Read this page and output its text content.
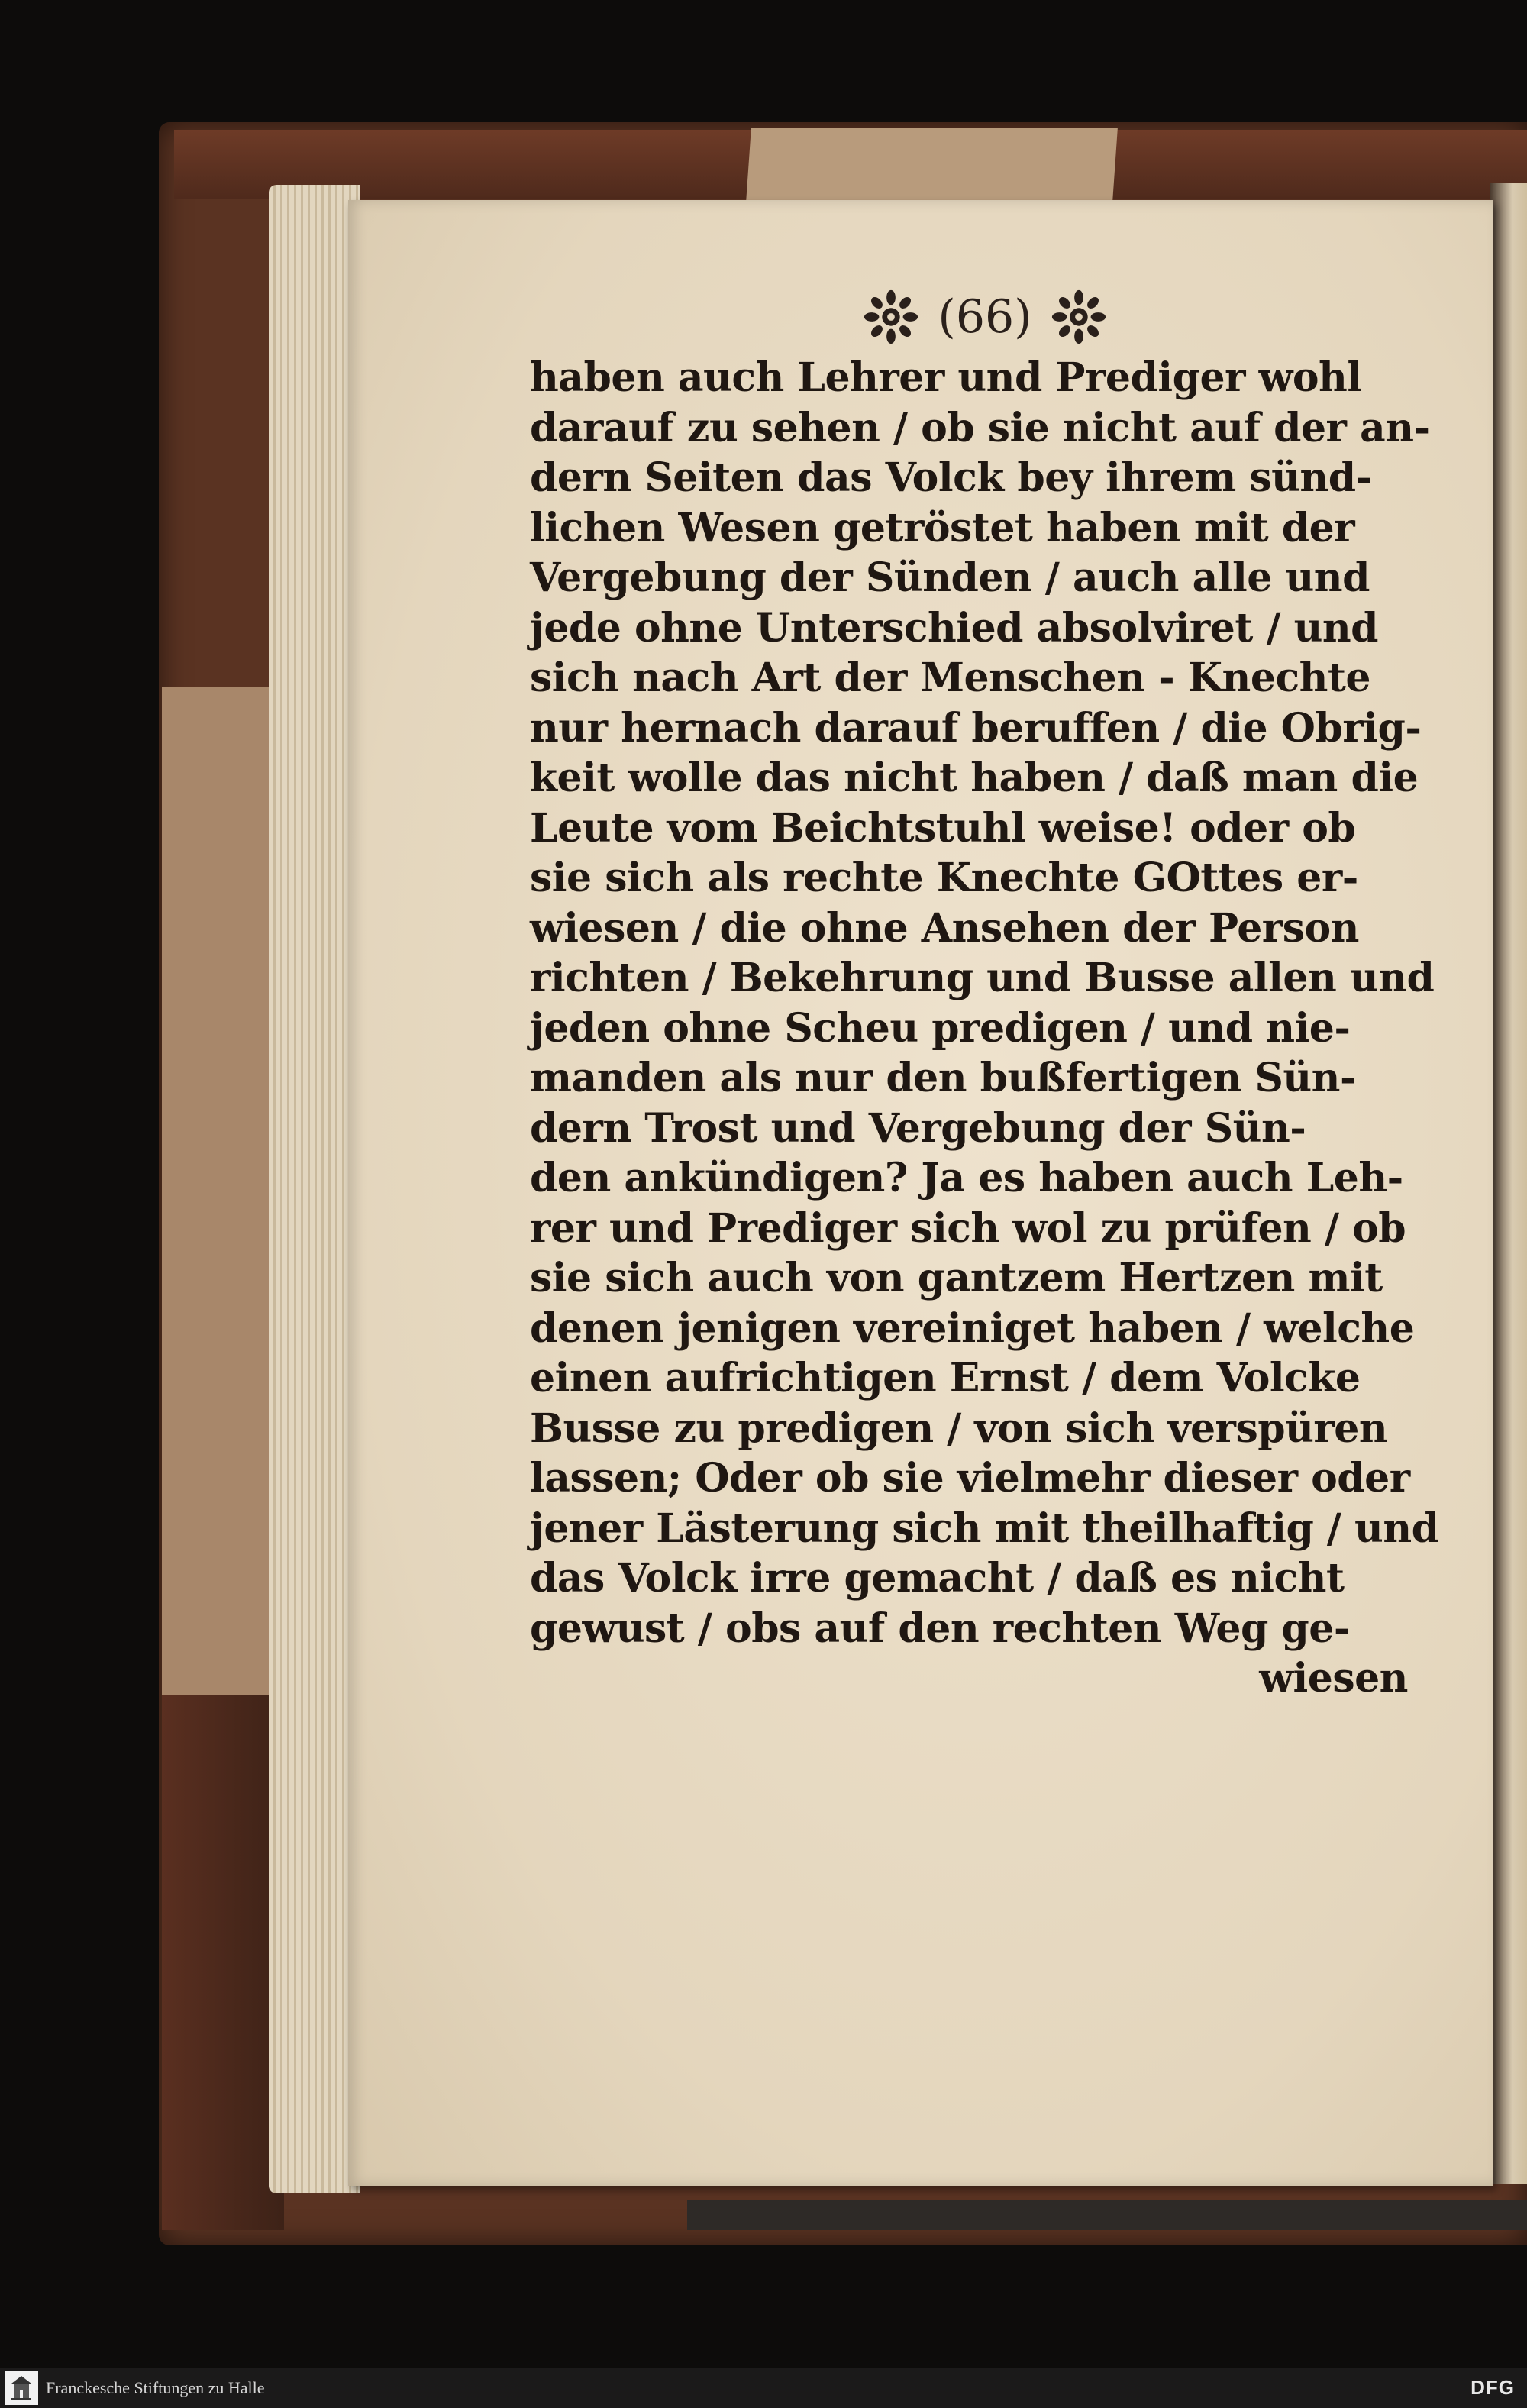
(66)
haben auch Lehrer und Prediger wohl
darauf zu sehen / ob sie nicht auf der an-
dern Seiten das Volck bey ihrem sünd-
lichen Wesen getröstet haben mit der
Vergebung der Sünden / auch alle und
jede ohne Unterschied absolviret / und
sich nach Art der Menschen - Knechte
nur hernach darauf beruffen / die Obrig-
keit wolle das nicht haben / daß man die
Leute vom Beichtstuhl weise! oder ob
sie sich als rechte Knechte GOttes er-
wiesen / die ohne Ansehen der Person
richten / Bekehrung und Busse allen und
jeden ohne Scheu predigen / und nie-
manden als nur den bußfertigen Sün-
dern Trost und Vergebung der Sün-
den ankündigen? Ja es haben auch Leh-
rer und Prediger sich wol zu prüfen / ob
sie sich auch von gantzem Hertzen mit
denen jenigen vereiniget haben / welche
einen aufrichtigen Ernst / dem Volcke
Busse zu predigen / von sich verspüren
lassen; Oder ob sie vielmehr dieser oder
jener Lästerung sich mit theilhaftig / und
das Volck irre gemacht / daß es nicht
gewust / obs auf den rechten Weg ge-
wiesen
Franckesche Stiftungen zu Halle	DFG
